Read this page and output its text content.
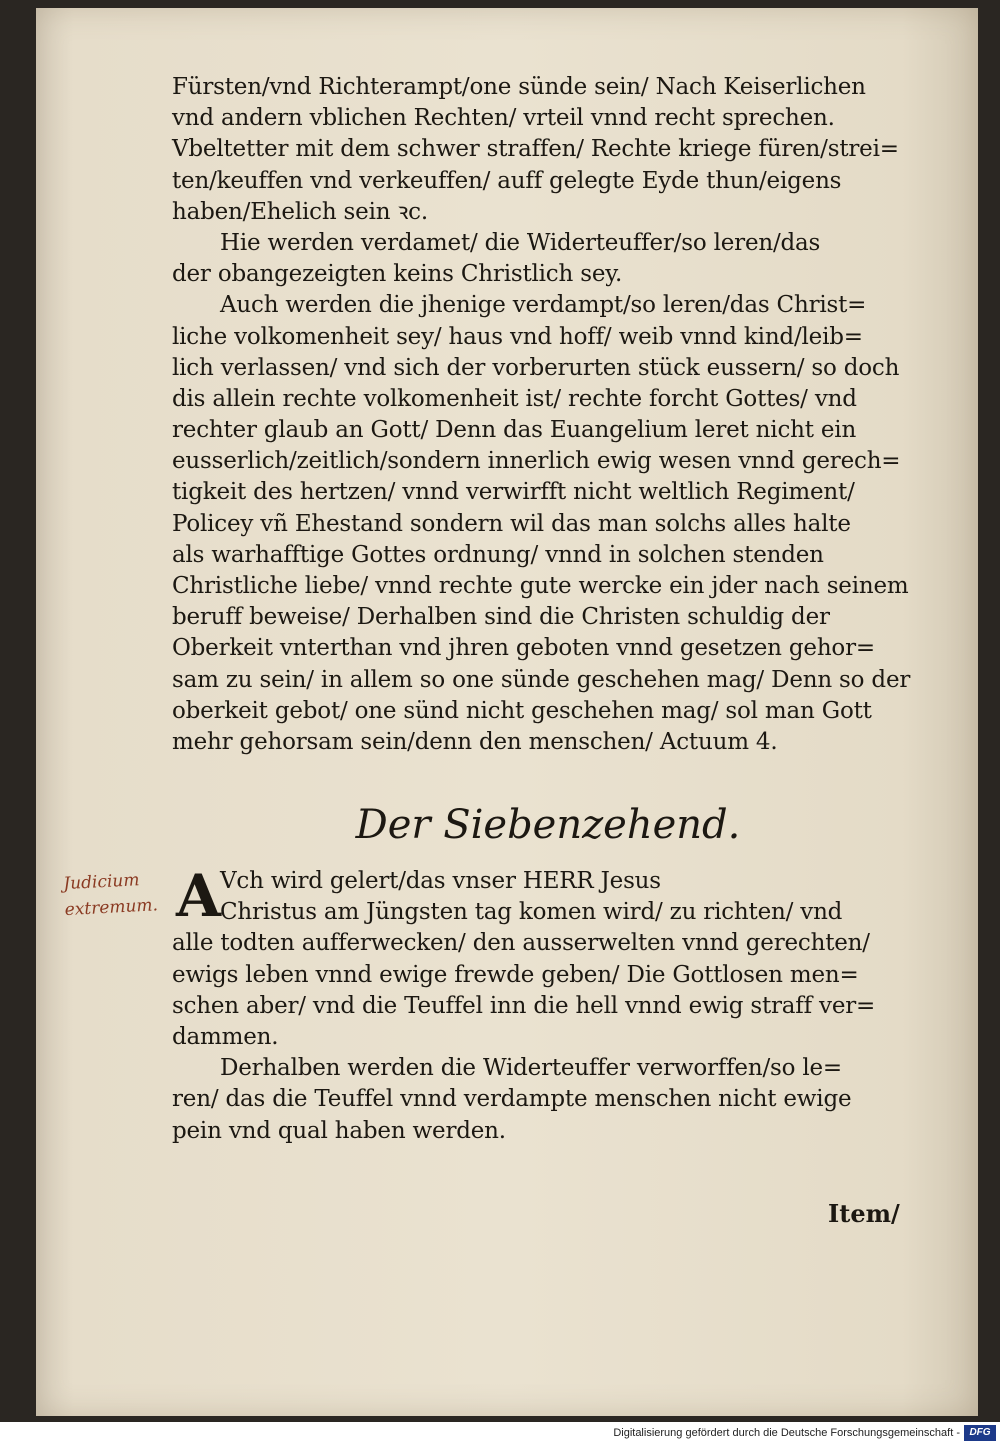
Fürsten/vnd Richterampt/one sünde sein/ Nach Keiserlichen
vnd andern vblichen Rechten/ vrteil vnnd recht sprechen.
Vbeltetter mit dem schwer straffen/ Rechte kriege füren/strei=
ten/keuffen vnd verkeuffen/ auff gelegte Eyde thun/eigens
haben/Ehelich sein ꝛc.
Hie werden verdamet/ die Widerteuffer/so leren/das
der obangezeigten keins Christlich sey.
Auch werden die jhenige verdampt/so leren/das Christ=
liche volkomenheit sey/ haus vnd hoff/ weib vnnd kind/leib=
lich verlassen/ vnd sich der vorberurten stück eussern/ so doch
dis allein rechte volkomenheit ist/ rechte forcht Gottes/ vnd
rechter glaub an Gott/ Denn das Euangelium leret nicht ein
eusserlich/zeitlich/sondern innerlich ewig wesen vnnd gerech=
tigkeit des hertzen/ vnnd verwirfft nicht weltlich Regiment/
Policey vñ Ehestand sondern wil das man solchs alles halte
als warhafftige Gottes ordnung/ vnnd in solchen stenden
Christliche liebe/ vnnd rechte gute wercke ein jder nach seinem
beruff beweise/ Derhalben sind die Christen schuldig der
Oberkeit vnterthan vnd jhren geboten vnnd gesetzen gehor=
sam zu sein/ in allem so one sünde geschehen mag/ Denn so der
oberkeit gebot/ one sünd nicht geschehen mag/ sol man Gott
mehr gehorsam sein/denn den menschen/ Actuum 4.
Der Siebenzehend.
Judicium
extremum. A Vch wird gelert/das vnser HERR Jesus
Christus am Jüngsten tag komen wird/ zu richten/ vnd
alle todten aufferwecken/ den ausserwelten vnnd gerechten/
ewigs leben vnnd ewige frewde geben/ Die Gottlosen men=
schen aber/ vnd die Teuffel inn die hell vnnd ewig straff ver=
dammen.
Derhalben werden die Widerteuffer verworffen/so le=
ren/ das die Teuffel vnnd verdampte menschen nicht ewige
pein vnd qual haben werden.
Item/
Digitalisierung gefördert durch die Deutsche Forschungsgemeinschaft - DFG
